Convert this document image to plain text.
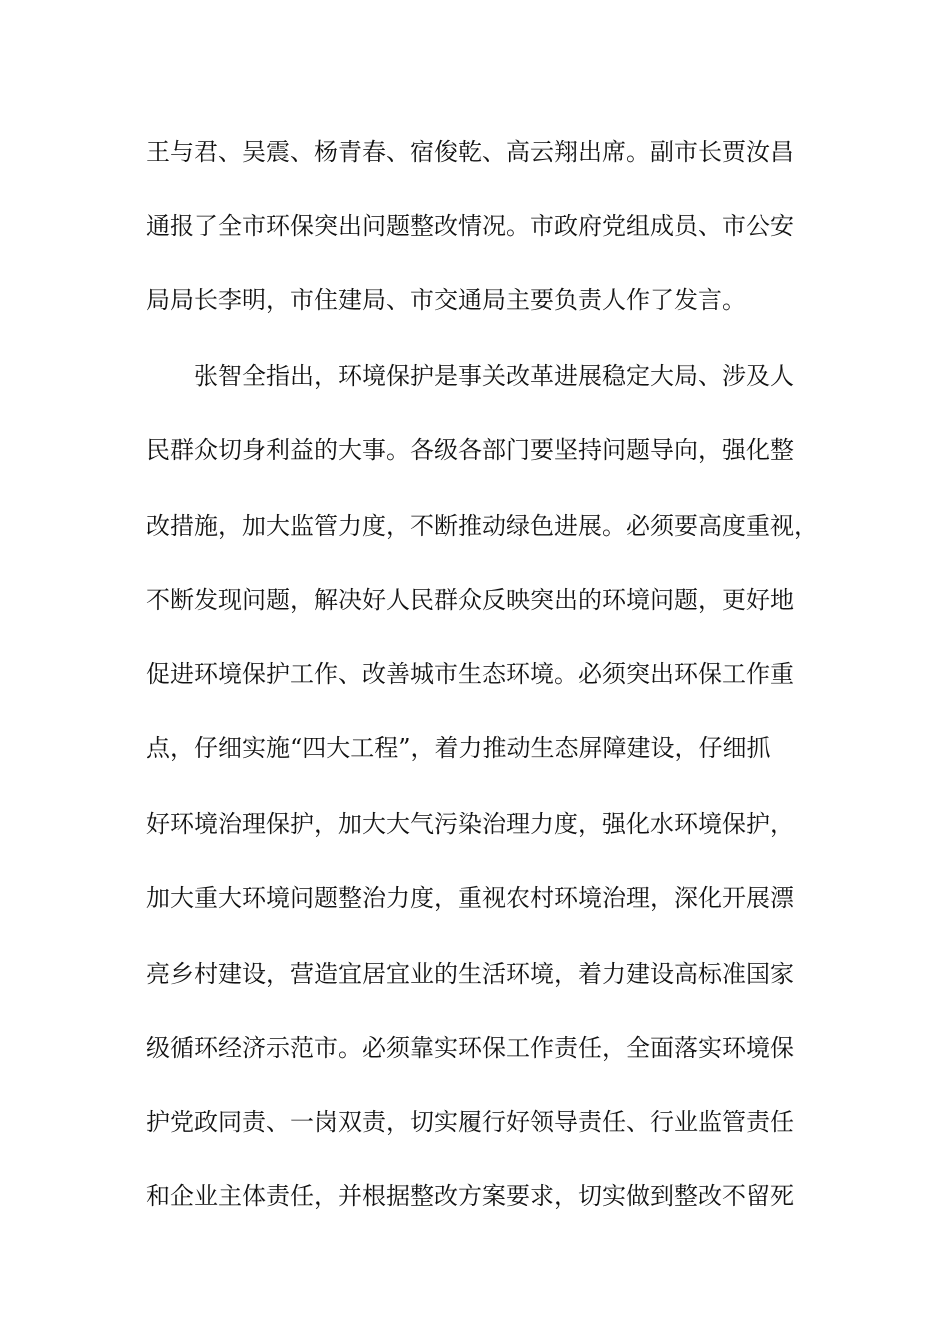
王与君、吴震、杨青春、宿俊乾、高云翔出席。副市长贾汝昌
通报了全市环保突出问题整改情况。市政府党组成员、市公安
局局长李明，市住建局、市交通局主要负责人作了发言。
张智全指出，环境保护是事关改革进展稳定大局、涉及人
民群众切身利益的大事。各级各部门要坚持问题导向，强化整
改措施，加大监管力度，不断推动绿色进展。必须要高度重视，
不断发现问题，解决好人民群众反映突出的环境问题，更好地
促进环境保护工作、改善城市生态环境。必须突出环保工作重
点，仔细实施“四大工程”，着力推动生态屏障建设，仔细抓
好环境治理保护，加大大气污染治理力度，强化水环境保护，
加大重大环境问题整治力度，重视农村环境治理，深化开展漂
亮乡村建设，营造宜居宜业的生活环境，着力建设高标准国家
级循环经济示范市。必须靠实环保工作责任，全面落实环境保
护党政同责、一岗双责，切实履行好领导责任、行业监管责任
和企业主体责任，并根据整改方案要求，切实做到整改不留死
